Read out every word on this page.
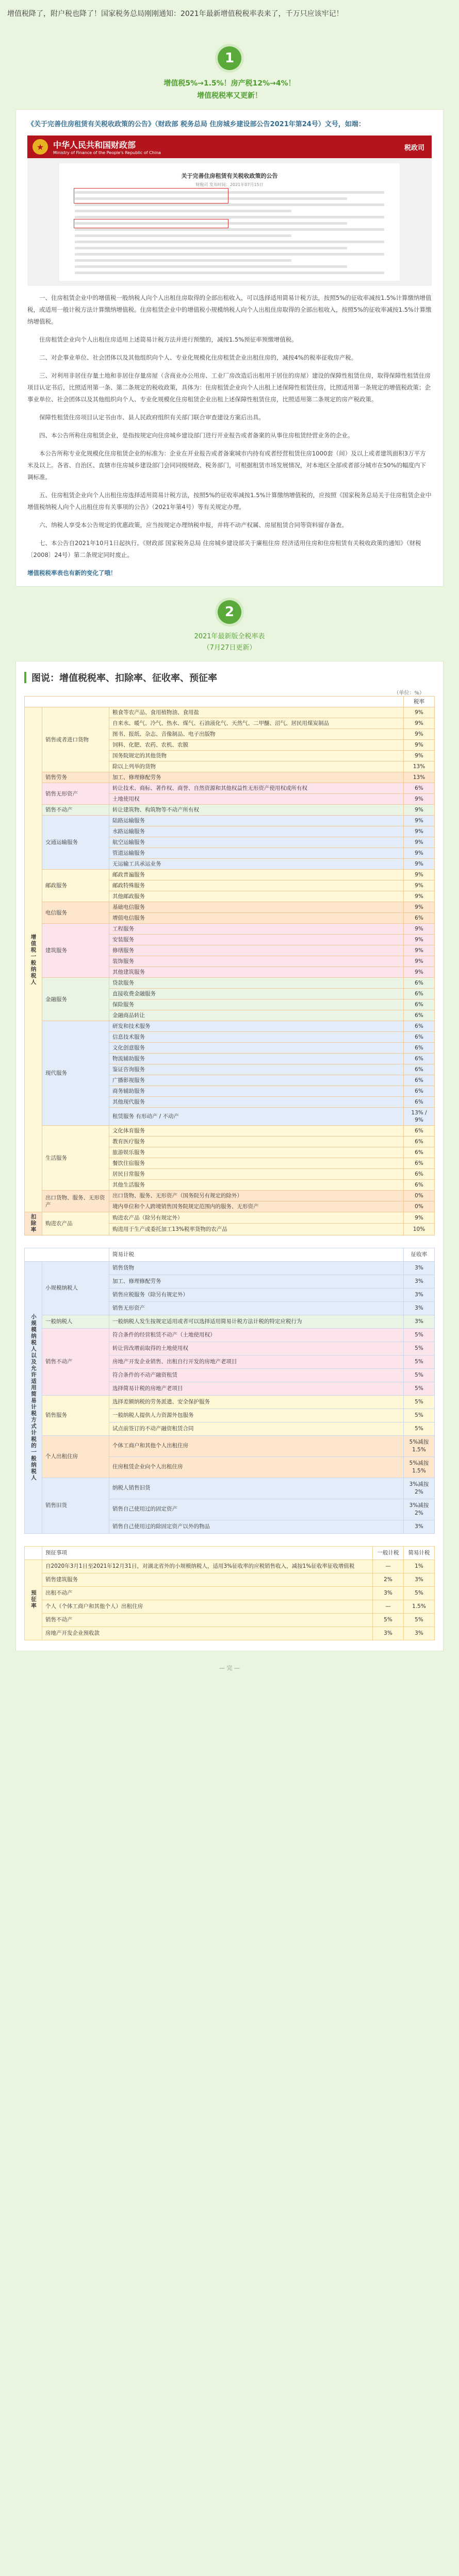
增值税降了，附户税也降了！国家税务总局刚刚通知：2021年最新增值税税率表来了，千万只应该牢记！
1
增值税5%→1.5%！房产税12%→4%！
增值税税率又更新！
《关于完善住房租赁有关税收政策的公告》（财政部 税务总局 住房城乡建设部公告2021年第24号）文号，如端：
★	中华人民共和国财政部
Ministry of Finance of the People's Republic of China
税政司
关于完善住房租赁有关税收政策的公告
财税司 发布时间：2021年07月15日
一、住房租赁企业中的增值税一般纳税人向个人出租住房取得的全部出租收入，可以选择适用简易计税方法，按照5%的征收率减按1.5%计算缴纳增值税，或适用一般计税方法计算缴纳增值税。住房租赁企业中的增值税小规模纳税人向个人出租住房取得的全部出租收入，按照5%的征收率减按1.5%计算缴纳增值税。
住房租赁企业向个人出租住房适用上述简易计税方法并进行预缴的，减按1.5%预征率预缴增值税。
二、对企事业单位、社会团体以及其他组织向个人、专业化规模化住房租赁企业出租住房的，减按4%的税率征收房产税。
三、对利用非居住存量土地和非居住存量房屋（含商业办公用房、工业厂房改造后出租用于居住的房屋）建设的保障性租赁住房，取得保障性租赁住房项目认定书后，比照适用第一条、第二条规定的税收政策，具体为：住房租赁企业向个人出租上述保障性租赁住房，比照适用第一条规定的增值税政策；企事业单位、社会团体以及其他组织向个人、专业化规模化住房租赁企业出租上述保障性租赁住房，比照适用第二条规定的房产税政策。
保障性租赁住房项目认定书由市、县人民政府组织有关部门联合审查建设方案后出具。
四、本公告所称住房租赁企业，是指按规定向住房城乡建设部门进行开业报告或者备案的从事住房租赁经营业务的企业。
本公告所称专业化规模化住房租赁企业的标准为：企业在开业报告或者备案城市内持有或者经营租赁住房1000套（间）及以上或者建筑面积3万平方米及以上。各省、自治区、直辖市住房城乡建设部门会同同级财政、税务部门，可根据租赁市场发展情况，对本地区全部或者部分城市在50%的幅度内下调标准。
五、住房租赁企业向个人出租住房选择适用简易计税方法，按照5%的征收率减按1.5%计算缴纳增值税的，应按照《国家税务总局关于住房租赁企业中增值税纳税人向个人出租住房有关事项的公告》（2021年第4号）等有关规定办理。
六、纳税人享受本公告规定的优惠政策，应当按规定办理纳税申报，并将不动产权属、房屋租赁合同等资料留存备查。
七、本公告自2021年10月1日起执行。《财政部 国家税务总局 住房城乡建设部关于廉租住房 经济适用住房和住房租赁有关税收政策的通知》（财税〔2008〕24号）第二条规定同时废止。
增值税税率表也有新的变化了哦！
2
2021年最新版全税率表
（7月27日更新）
图说：增值税税率、扣除率、征收率、预征率
（单位：%）
			税率
增值税一般纳税人	销售或者进口货物	粮食等农产品、食用植物油、食用盐	9%
		自来水、暖气、冷气、热水、煤气、石油液化气、天然气、二甲醚、沼气、居民用煤炭制品	9%
		图书、报纸、杂志、音像制品、电子出版物	9%
		饲料、化肥、农药、农机、农膜	9%
		国务院规定的其他货物	9%
		除以上列举的货物	13%
	销售劳务	加工、修理修配劳务	13%
	销售无形资产	转让技术、商标、著作权、商誉、自然资源和其他权益性无形资产使用权或所有权	6%
		土地使用权	9%
	销售不动产	转让建筑物、构筑物等不动产所有权	9%
	交通运输服务	陆路运输服务	9%
		水路运输服务	9%
		航空运输服务	9%
		管道运输服务	9%
		无运输工具承运业务	9%
	邮政服务	邮政普遍服务	9%
		邮政特殊服务	9%
		其他邮政服务	9%
	电信服务	基础电信服务	9%
		增值电信服务	6%
	建筑服务	工程服务	9%
		安装服务	9%
		修缮服务	9%
		装饰服务	9%
		其他建筑服务	9%
	金融服务	贷款服务	6%
		直接收费金融服务	6%
		保险服务	6%
		金融商品转让	6%
	现代服务	研发和技术服务	6%
		信息技术服务	6%
		文化创意服务	6%
		物流辅助服务	6%
		鉴证咨询服务	6%
		广播影视服务	6%
		商务辅助服务	6%
		其他现代服务	6%
		租赁服务 有形动产 / 不动产	13% / 9%
	生活服务	文化体育服务	6%
		教育医疗服务	6%
		旅游娱乐服务	6%
		餐饮住宿服务	6%
		居民日常服务	6%
		其他生活服务	6%
	出口货物、服务、无形资产	出口货物、服务、无形资产（国务院另有规定的除外）	0%
		境内单位和个人跨境销售国务院规定范围内的服务、无形资产	0%
扣除率	购进农产品	购进农产品（除另有规定外）	9%
		购进用于生产或委托加工13%税率货物的农产品	10%
		简易计税	征收率
小规模纳税人以及允许适用简易计税方式计税的一般纳税人	小规模纳税人	销售货物	3%
		加工、修理修配劳务	3%
		销售应税服务（除另有规定外）	3%
		销售无形资产	3%
	一般纳税人	一般纳税人发生按规定适用或者可以选择适用简易计税方法计税的特定应税行为	3%
	销售不动产	符合条件的经营租赁不动产（土地使用权）	5%
		转让营改增前取得的土地使用权	5%
		房地产开发企业销售、出租自行开发的房地产老项目	5%
		符合条件的不动产融资租赁	5%
		选择简易计税的房地产老项目	5%
	销售服务	选择差额纳税的劳务派遣、安全保护服务	5%
		一般纳税人提供人力资源外包服务	5%
		试点前签订的不动产融资租赁合同	5%
	个人出租住房	个体工商户和其他个人出租住房	5%减按1.5%
		住房租赁企业向个人出租住房	5%减按1.5%
	销售旧货	纳税人销售旧货	3%减按2%
		销售自己使用过的固定资产	3%减按2%
		销售自己使用过的除固定资产以外的物品	3%
	预征事项	一般计税	简易计税
预征率	自2020年3月1日至2021年12月31日，对湖北省外的小规模纳税人，适用3%征收率的应税销售收入，减按1%征收率征收增值税	—	1%
	销售建筑服务	2%	3%
	出租不动产	3%	5%
	个人（个体工商户和其他个人）出租住房	—	1.5%
	销售不动产	5%	5%
	房地产开发企业预收款	3%	3%
— 完 —
